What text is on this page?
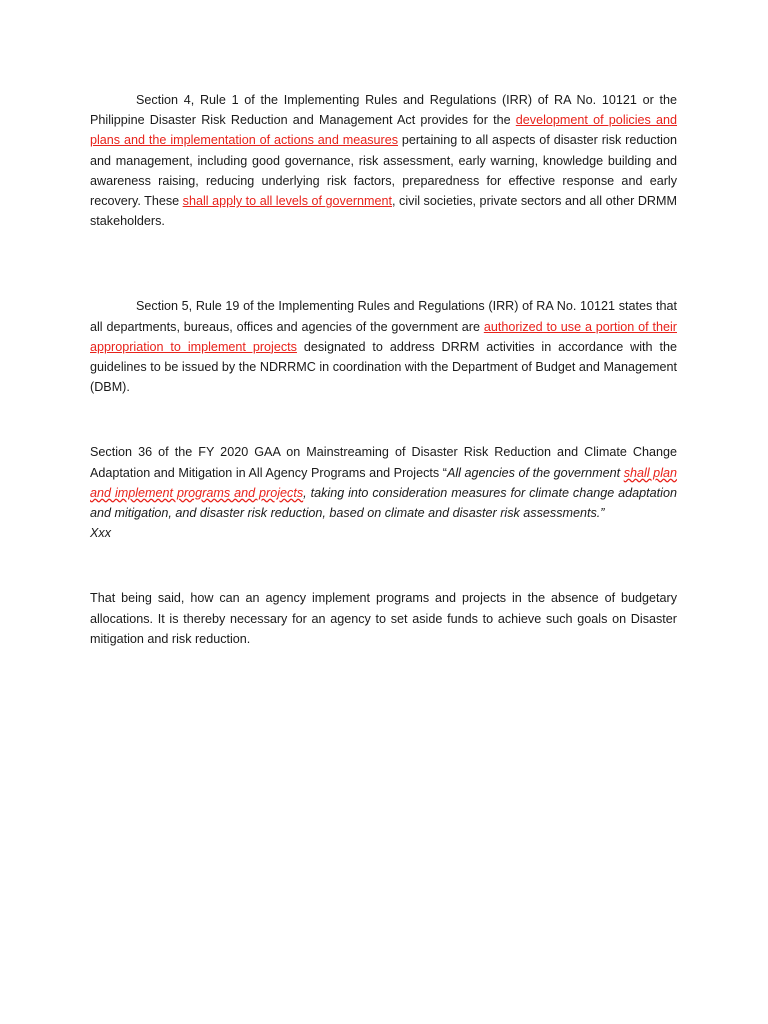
Section 4, Rule 1 of the Implementing Rules and Regulations (IRR) of RA No. 10121 or the Philippine Disaster Risk Reduction and Management Act provides for the development of policies and plans and the implementation of actions and measures pertaining to all aspects of disaster risk reduction and management, including good governance, risk assessment, early warning, knowledge building and awareness raising, reducing underlying risk factors, preparedness for effective response and early recovery. These shall apply to all levels of government, civil societies, private sectors and all other DRMM stakeholders.

Section 5, Rule 19 of the Implementing Rules and Regulations (IRR) of RA No. 10121 states that all departments, bureaus, offices and agencies of the government are authorized to use a portion of their appropriation to implement projects designated to address DRRM activities in accordance with the guidelines to be issued by the NDRRMC in coordination with the Department of Budget and Management (DBM).

Section 36 of the FY 2020 GAA on Mainstreaming of Disaster Risk Reduction and Climate Change Adaptation and Mitigation in All Agency Programs and Projects “All agencies of the government shall plan and implement programs and projects, taking into consideration measures for climate change adaptation and mitigation, and disaster risk reduction, based on climate and disaster risk assessments.”
Xxx

That being said, how can an agency implement programs and projects in the absence of budgetary allocations. It is thereby necessary for an agency to set aside funds to achieve such goals on Disaster mitigation and risk reduction.
